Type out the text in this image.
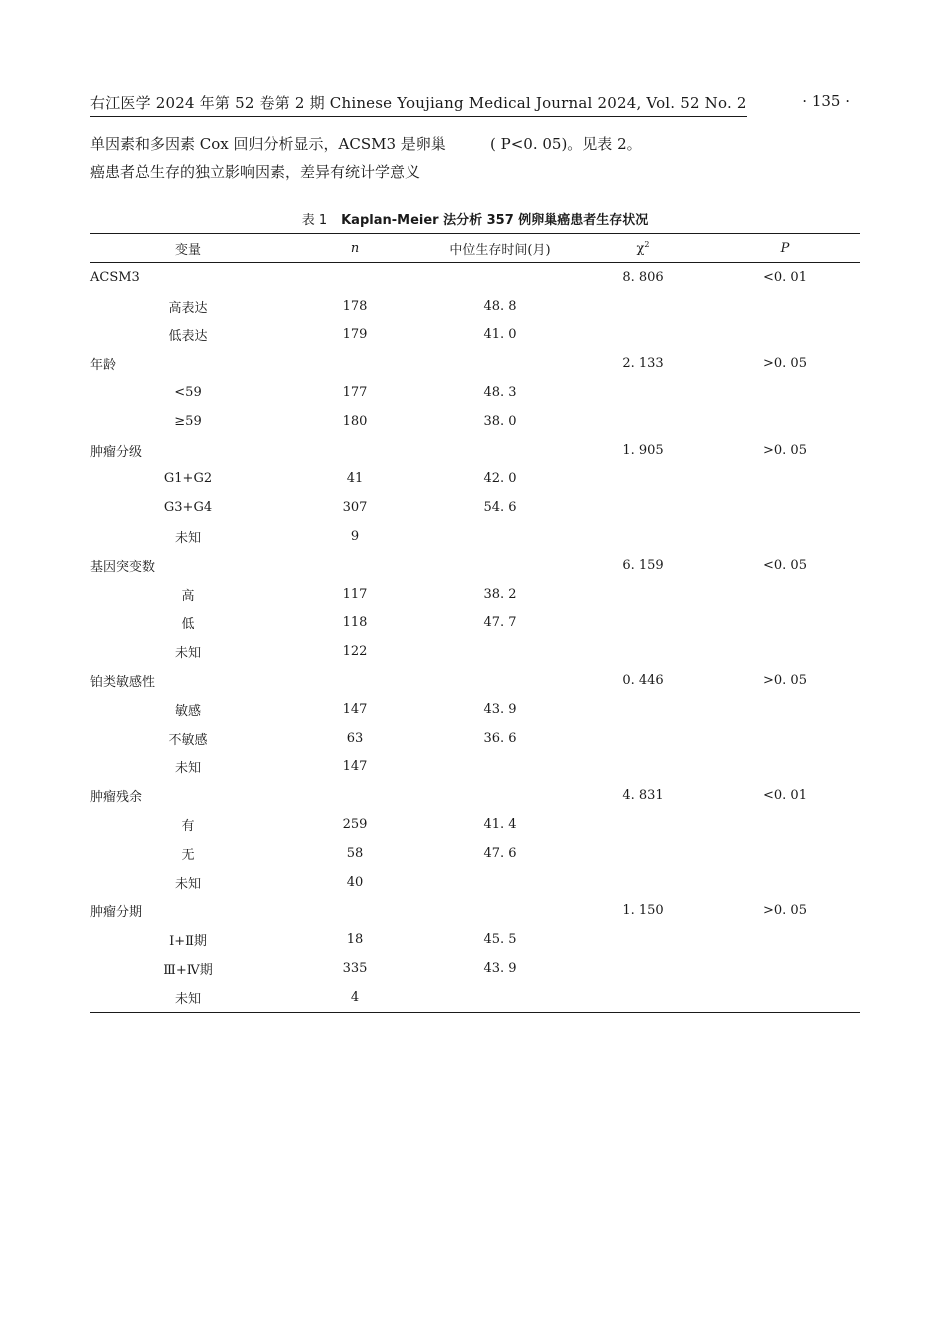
右江医学 2024 年第 52 卷第 2 期 Chinese Youjiang Medical Journal 2024, Vol. 52 No. 2	· 135 ·
单因素和多因素 Cox 回归分析显示，ACSM3 是卵巢
癌患者总生存的独立影响因素，差异有统计学意义
( P<0. 05)。见表 2。
表 1 Kaplan-Meier 法分析 357 例卵巢癌患者生存状况
变量	n	中位生存时间(月)	$\chi^2$	P
ACSM3			8. 806	<0. 01
高表达	178	48. 8		
低表达	179	41. 0		
年龄			2. 133	>0. 05
<59	177	48. 3		
≥59	180	38. 0		
肿瘤分级			1. 905	>0. 05
G1+G2	41	42. 0		
G3+G4	307	54. 6		
未知	9			
基因突变数			6. 159	<0. 05
高	117	38. 2		
低	118	47. 7		
未知	122			
铂类敏感性			0. 446	>0. 05
敏感	147	43. 9		
不敏感	63	36. 6		
未知	147			
肿瘤残余			4. 831	<0. 01
有	259	41. 4		
无	58	47. 6		
未知	40			
肿瘤分期			1. 150	>0. 05
Ⅰ+Ⅱ期	18	45. 5		
Ⅲ+Ⅳ期	335	43. 9		
未知	4			
